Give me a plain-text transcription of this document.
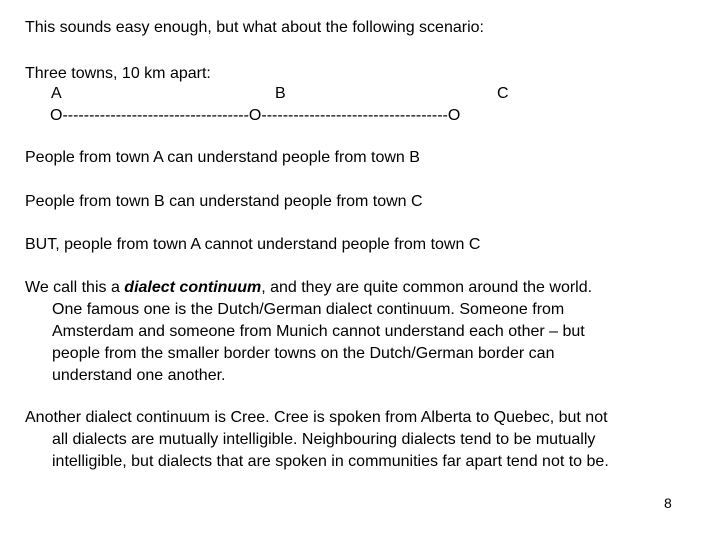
This sounds easy enough, but what about the following scenario:
Three towns, 10 km apart:
A	B	C
O-----------------------------------O-----------------------------------O
People from town A can understand people from town B
People from town B can understand people from town C
BUT, people from town A cannot understand people from town C
We call this a dialect continuum, and they are quite common around the world.
One famous one is the Dutch/German dialect continuum. Someone from
Amsterdam and someone from Munich cannot understand each other – but
people from the smaller border towns on the Dutch/German border can
understand one another.
Another dialect continuum is Cree. Cree is spoken from Alberta to Quebec, but not
all dialects are mutually intelligible. Neighbouring dialects tend to be mutually
intelligible, but dialects that are spoken in communities far apart tend not to be.
8
